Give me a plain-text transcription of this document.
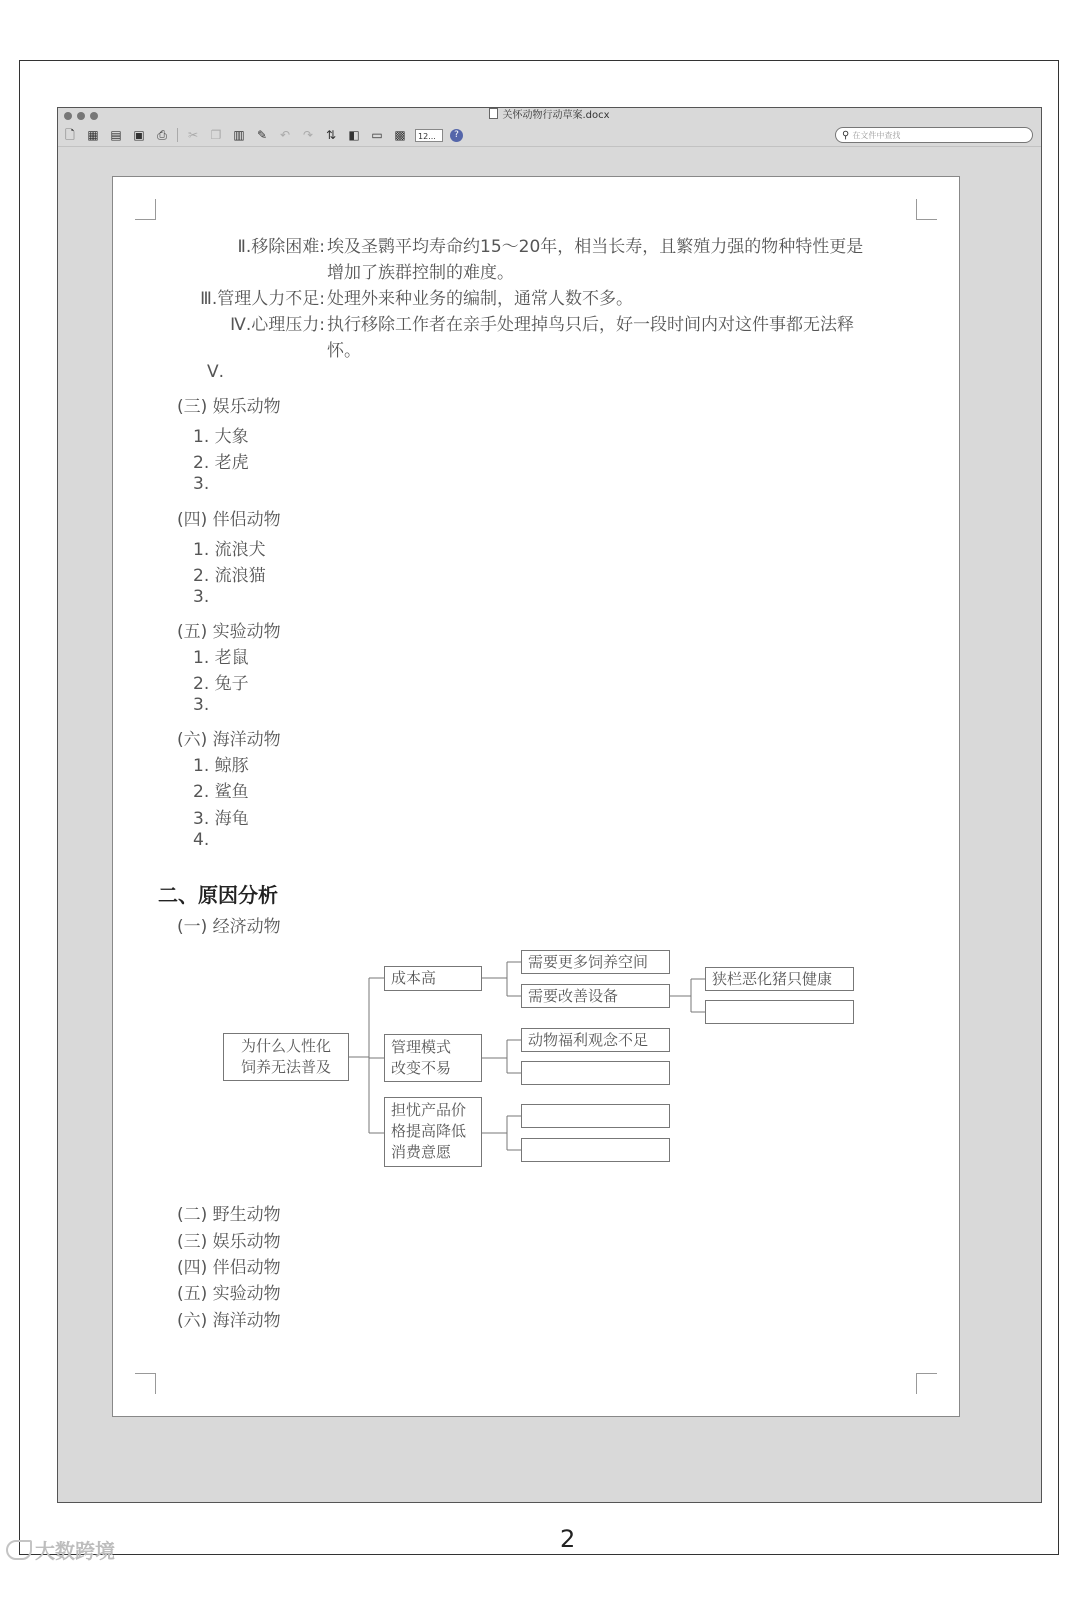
关怀动物行动草案.docx
🗋 ▦ ▤ ▣ ⎙ ✂ ❐ ▥ ✎ ↶ ↷ ⇅ ◧ ▭ ▩	12...	?	⚲ 在文件中查找
Ⅱ.移除困难: 埃及圣鹮平均寿命约15～20年，相当长寿，且繁殖力强的物种特性更是
增加了族群控制的难度。
Ⅲ.管理人力不足: 处理外来种业务的编制，通常人数不多。
Ⅳ.心理压力: 执行移除工作者在亲手处理掉鸟只后，好一段时间内对这件事都无法释
怀。
Ⅴ.
(三) 娱乐动物
1. 大象
2. 老虎
3.
(四) 伴侣动物
1. 流浪犬
2. 流浪猫
3.
(五) 实验动物
1. 老鼠
2. 兔子
3.
(六) 海洋动物
1. 鲸豚
2. 鲨鱼
3. 海龟
4.
二、原因分析
(一) 经济动物
为什么人性化
饲养无法普及
成本高
管理模式
改变不易
担忧产品价
格提高降低
消费意愿
需要更多饲养空间
需要改善设备
动物福利观念不足
狭栏恶化猪只健康
(二) 野生动物
(三) 娱乐动物
(四) 伴侣动物
(五) 实验动物
(六) 海洋动物
2
大数跨境
